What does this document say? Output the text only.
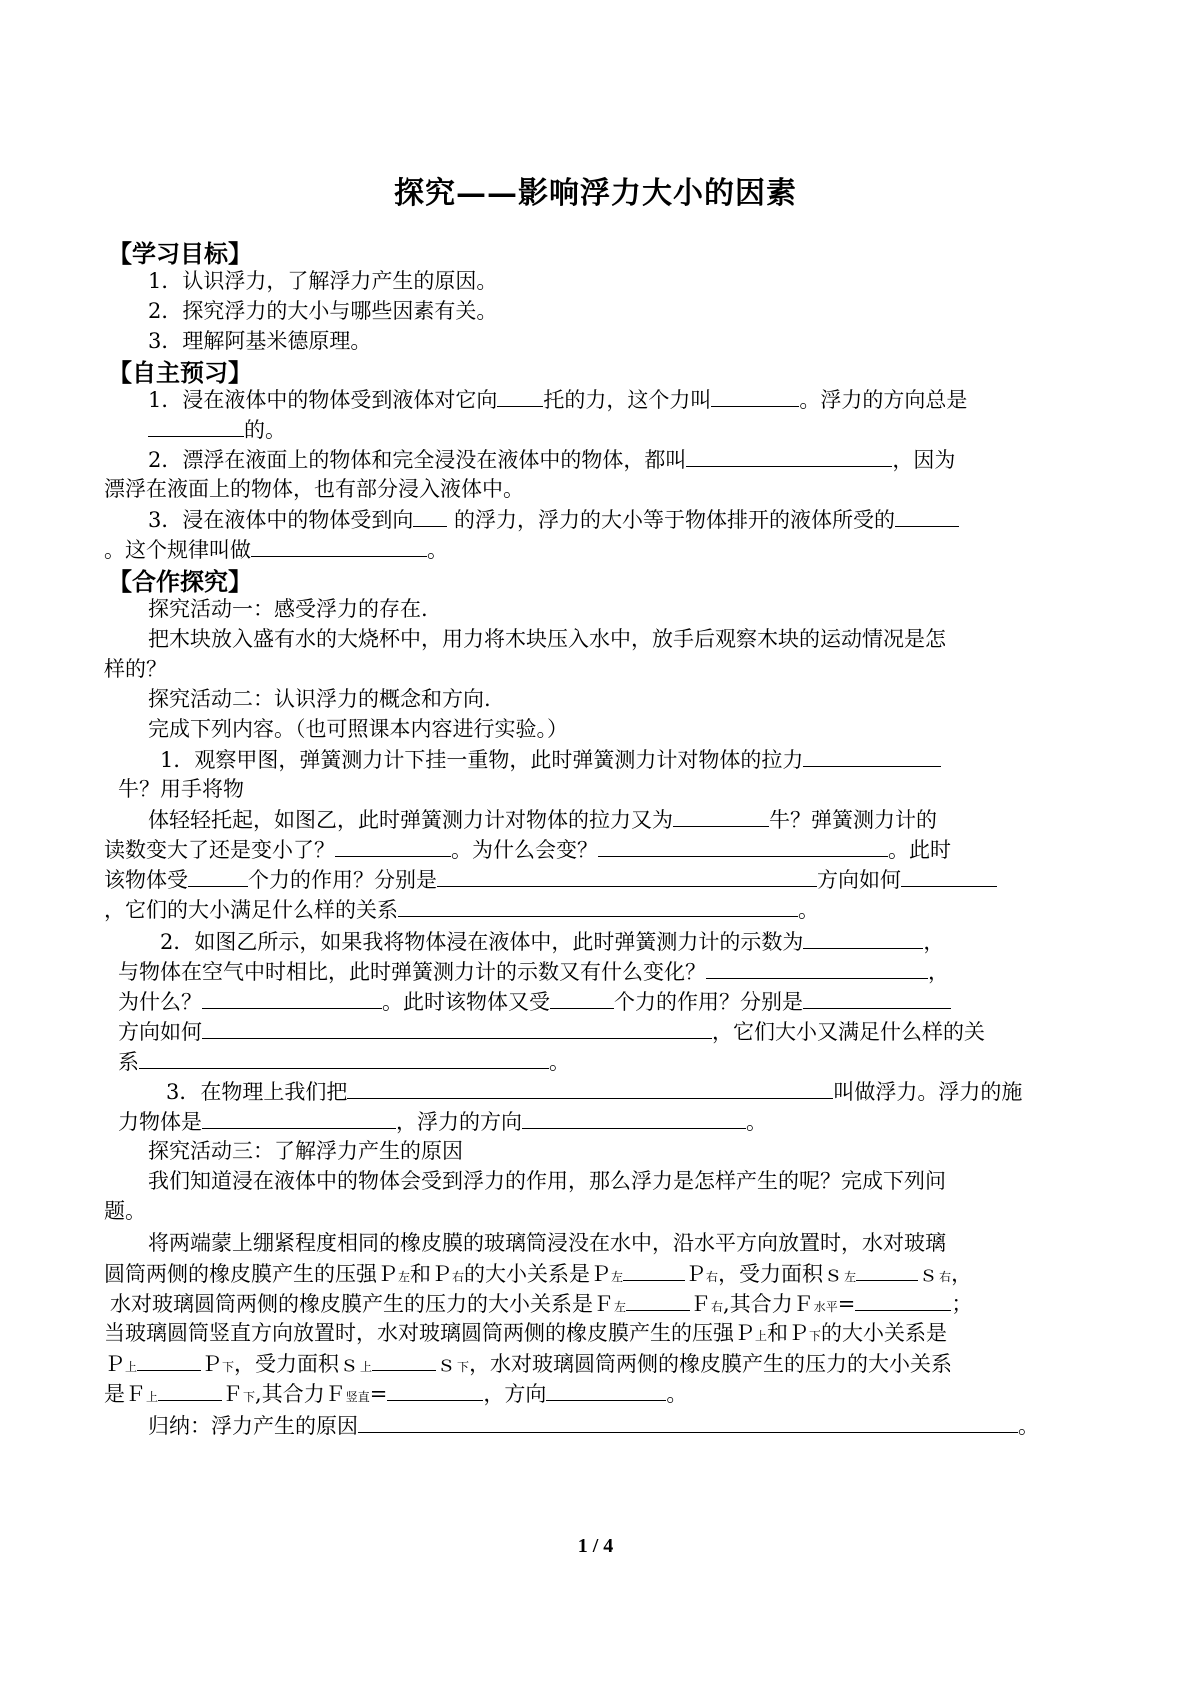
探究——影响浮力大小的因素
【学习目标】
1．认识浮力，了解浮力产生的原因。
2．探究浮力的大小与哪些因素有关。
3．理解阿基米德原理。
【自主预习】
1．浸在液体中的物体受到液体对它向 托的力，这个力叫	。浮力的方向总是
的。
2．漂浮在液面上的物体和完全浸没在液体中的物体，都叫	，因为
漂浮在液面上的物体，也有部分浸入液体中。
3．浸在液体中的物体受到向 的浮力，浮力的大小等于物体排开的液体所受的
。这个规律叫做	。
【合作探究】
探究活动一：感受浮力的存在.
把木块放入盛有水的大烧杯中，用力将木块压入水中，放手后观察木块的运动情况是怎
样的？
探究活动二：认识浮力的概念和方向.
完成下列内容。（也可照课本内容进行实验。）
1．观察甲图，弹簧测力计下挂一重物，此时弹簧测力计对物体的拉力
牛？用手将物
体轻轻托起，如图乙，此时弹簧测力计对物体的拉力又为	牛？弹簧测力计的
读数变大了还是变小了？	。为什么会变？	。此时
该物体受	个力的作用？分别是	方向如何
，它们的大小满足什么样的关系	。
2．如图乙所示，如果我将物体浸在液体中，此时弹簧测力计的示数为	，
与物体在空气中时相比，此时弹簧测力计的示数又有什么变化？	，
为什么？	。此时该物体又受	个力的作用？分别是
方向如何	，它们大小又满足什么样的关
系	。
3．在物理上我们把	叫做浮力。浮力的施
力物体是	，浮力的方向	。
探究活动三：了解浮力产生的原因
我们知道浸在液体中的物体会受到浮力的作用，那么浮力是怎样产生的呢？完成下列问
题。
将两端蒙上绷紧程度相同的橡皮膜的玻璃筒浸没在水中，沿水平方向放置时，水对玻璃
圆筒两侧的橡皮膜产生的压强Ｐ左和Ｐ右的大小关系是Ｐ左	Ｐ右，受力面积ｓ左	ｓ右，
水对玻璃圆筒两侧的橡皮膜产生的压力的大小关系是Ｆ左	Ｆ右,其合力Ｆ水平=	；
当玻璃圆筒竖直方向放置时，水对玻璃圆筒两侧的橡皮膜产生的压强Ｐ上和Ｐ下的大小关系是
Ｐ上	Ｐ下，受力面积ｓ上	ｓ下，水对玻璃圆筒两侧的橡皮膜产生的压力的大小关系
是Ｆ上	Ｆ下,其合力Ｆ竖直=	，方向	。
归纳：浮力产生的原因	。
1 / 4
